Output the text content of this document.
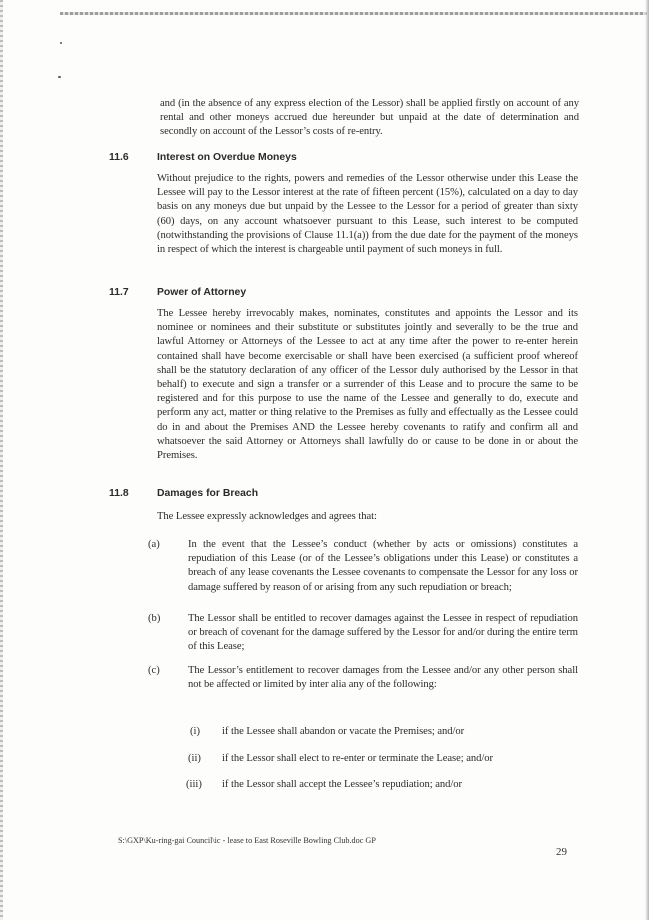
and (in the absence of any express election of the Lessor) shall be applied firstly on account of any rental and other moneys accrued due hereunder but unpaid at the date of determination and secondly on account of the Lessor’s costs of re-entry.

11.6	Interest on Overdue Moneys

Without prejudice to the rights, powers and remedies of the Lessor otherwise under this Lease the Lessee will pay to the Lessor interest at the rate of fifteen percent (15%), calculated on a day to day basis on any moneys due but unpaid by the Lessee to the Lessor for a period of greater than sixty (60) days, on any account whatsoever pursuant to this Lease, such interest to be computed (notwithstanding the provisions of Clause 11.1(a)) from the due date for the payment of the moneys in respect of which the interest is chargeable until payment of such moneys in full.

11.7	Power of Attorney

The Lessee hereby irrevocably makes, nominates, constitutes and appoints the Lessor and its nominee or nominees and their substitute or substitutes jointly and severally to be the true and lawful Attorney or Attorneys of the Lessee to act at any time after the power to re-enter herein contained shall have become exercisable or shall have been exercised (a sufficient proof whereof shall be the statutory declaration of any officer of the Lessor duly authorised by the Lessor in that behalf) to execute and sign a transfer or a surrender of this Lease and to procure the same to be registered and for this purpose to use the name of the Lessee and generally to do, execute and perform any act, matter or thing relative to the Premises as fully and effectually as the Lessee could do in and about the Premises AND the Lessee hereby covenants to ratify and confirm all and whatsoever the said Attorney or Attorneys shall lawfully do or cause to be done in or about the Premises.

11.8	Damages for Breach

The Lessee expressly acknowledges and agrees that:

(a)	In the event that the Lessee’s conduct (whether by acts or omissions) constitutes a repudiation of this Lease (or of the Lessee’s obligations under this Lease) or constitutes a breach of any lease covenants the Lessee covenants to compensate the Lessor for any loss or damage suffered by reason of or arising from any such repudiation or breach;

(b)	The Lessor shall be entitled to recover damages against the Lessee in respect of repudiation or breach of covenant for the damage suffered by the Lessor for and/or during the entire term of this Lease;

(c)	The Lessor’s entitlement to recover damages from the Lessee and/or any other person shall not be affected or limited by inter alia any of the following:

(i) if the Lessee shall abandon or vacate the Premises; and/or

(ii) if the Lessor shall elect to re-enter or terminate the Lease; and/or

(iii) if the Lessor shall accept the Lessee’s repudiation; and/or

S:\GXP\Ku-ring-gai Council\ic - lease to East Roseville Bowling Club.doc GP
29
